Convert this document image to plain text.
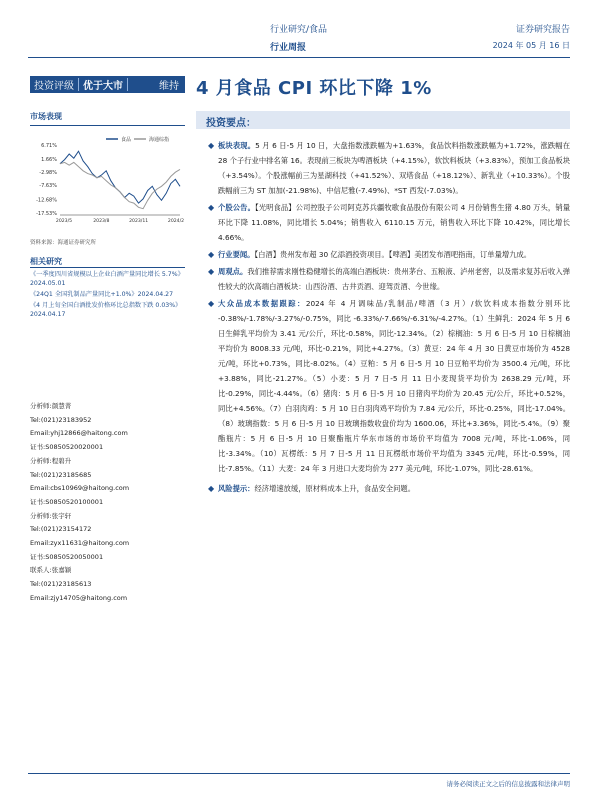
行业研究/食品
行业周报
证券研究报告
2024 年 05 月 16 日
投资评级 优于大市	维持 4 月食品 CPI 环比下降 1%
市场表现
食品	海通综指
6.71%
1.66%
-2.98%
-7.63%
-12.68%
-17.53%
2023/5	2023/8	2023/11	2024/2
资料来源：海通证券研究所
相关研究
《一季度四川省规模以上企业白酒产量同比增长 5.7%》2024.05.01
《24Q1 全国乳制品产量同比+1.0%》2024.04.27
《4 月上旬全国白酒批发价格环比总指数下跌 0.03%》2024.04.17
分析师:颜慧菁
Tel:(021)23183952
Email:yhj12866@haitong.com
证书:S0850520020001
分析师:程碧升
Tel:(021)23185685
Email:cbs10969@haitong.com
证书:S0850520100001
分析师:张宇轩
Tel:(021)23154172
Email:zyx11631@haitong.com
证书:S0850520050001
联系人:张嘉颖
Tel:(021)23185613
Email:zjy14705@haitong.com
投资要点：
◆ 板块表现。5 月 6 日-5 月 10 日，大盘指数涨跌幅为+1.63%，食品饮料指数涨跌幅为+1.72%，涨跌幅在 28 个子行业中排名第 16。表现前三板块为啤酒板块（+4.15%），软饮料板块（+3.83%），预加工食品板块（+3.54%）。个股涨幅前三为星湖科技（+41.52%）、双塔食品（+18.12%）、新乳业（+10.33%）。个股跌幅前三为 ST 加加(-21.98%)、中信尼雅(-7.49%)、*ST 西发(-7.03%)。
◆ 个股公告。【光明食品】公司控股子公司阿克苏兵疆牧歌食品股份有限公司 4 月份销售生猪 4.80 万头，销量环比下降 11.08%，同比增长 5.04%；销售收入 6110.15 万元，销售收入环比下降 10.42%，同比增长 4.66%。
◆ 行业要闻。【白酒】贵州发布超 30 亿添酒投资项目。【啤酒】美团发布酒吧指南，订单量增九成。
◆ 周观点。我们推荐需求刚性稳健增长的高端白酒板块：贵州茅台、五粮液、泸州老窖，以及需求复苏后收入弹性较大的次高端白酒板块：山西汾酒、古井贡酒、迎驾贡酒、今世缘。
◆ 大众品成本数据跟踪：2024 年 4 月调味品/乳制品/啤酒（3 月）/软饮料成本指数分别环比 -0.38%/-1.78%/-3.27%/-0.75%，同比 -6.33%/-7.66%/-6.31%/-4.27%。（1）生鲜乳：2024 年 5 月 6 日生鲜乳平均价为 3.41 元/公斤，环比-0.58%，同比-12.34%。（2）棕榈油：5 月 6 日-5 月 10 日棕榈油平均价为 8008.33 元/吨，环比-0.21%，同比+4.27%。（3）黄豆：24 年 4 月 30 日黄豆市场价为 4528 元/吨，环比+0.73%，同比-8.02%。（4）豆粕：5 月 6 日-5 月 10 日豆粕平均价为 3500.4 元/吨，环比+3.88%，同比-21.27%。（5）小麦：5 月 7 日-5 月 11 日小麦现货平均价为 2638.29 元/吨，环比-0.29%，同比-4.44%。（6）猪肉：5 月 6 日-5 月 10 日猪肉平均价为 20.45 元/公斤，环比+0.52%，同比+4.56%。（7）白羽肉鸡：5 月 10 日白羽肉鸡平均价为 7.84 元/公斤，环比-0.25%，同比-17.04%。（8）玻璃指数：5 月 6 日-5 月 10 日玻璃指数收盘价均为 1600.06，环比+3.36%，同比-5.4%。（9）聚酯瓶片：5 月 6 日-5 月 10 日聚酯瓶片华东市场的市场价平均值为 7008 元/吨，环比-1.06%，同比-3.34%。（10）瓦楞纸：5 月 7 日-5 月 11 日瓦楞纸市场价平均值为 3345 元/吨，环比-0.59%，同比-7.85%。（11）大麦：24 年 3 月进口大麦均价为 277 美元/吨，环比-1.07%，同比-28.61%。
◆ 风险提示：经济增速放缓，原材料成本上升，食品安全问题。
请务必阅读正文之后的信息披露和法律声明
